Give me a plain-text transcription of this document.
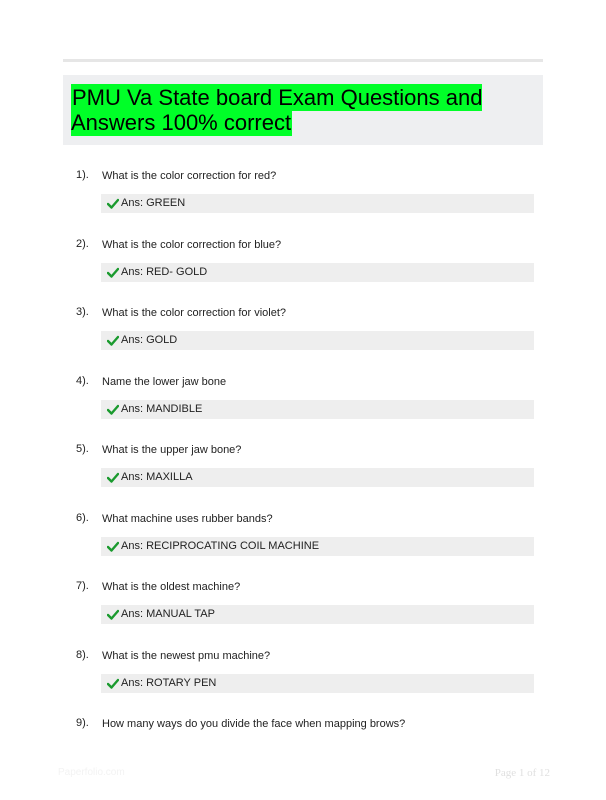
PMU Va State board Exam Questions and Answers 100% correct
1). What is the color correction for red?
Ans: GREEN
2). What is the color correction for blue?
Ans: RED- GOLD
3). What is the color correction for violet?
Ans: GOLD
4). Name the lower jaw bone
Ans: MANDIBLE
5). What is the upper jaw bone?
Ans: MAXILLA
6). What machine uses rubber bands?
Ans: RECIPROCATING COIL MACHINE
7). What is the oldest machine?
Ans: MANUAL TAP
8). What is the newest pmu machine?
Ans: ROTARY PEN
9). How many ways do you divide the face when mapping brows?
Paperfolio.com	Page 1 of 12
